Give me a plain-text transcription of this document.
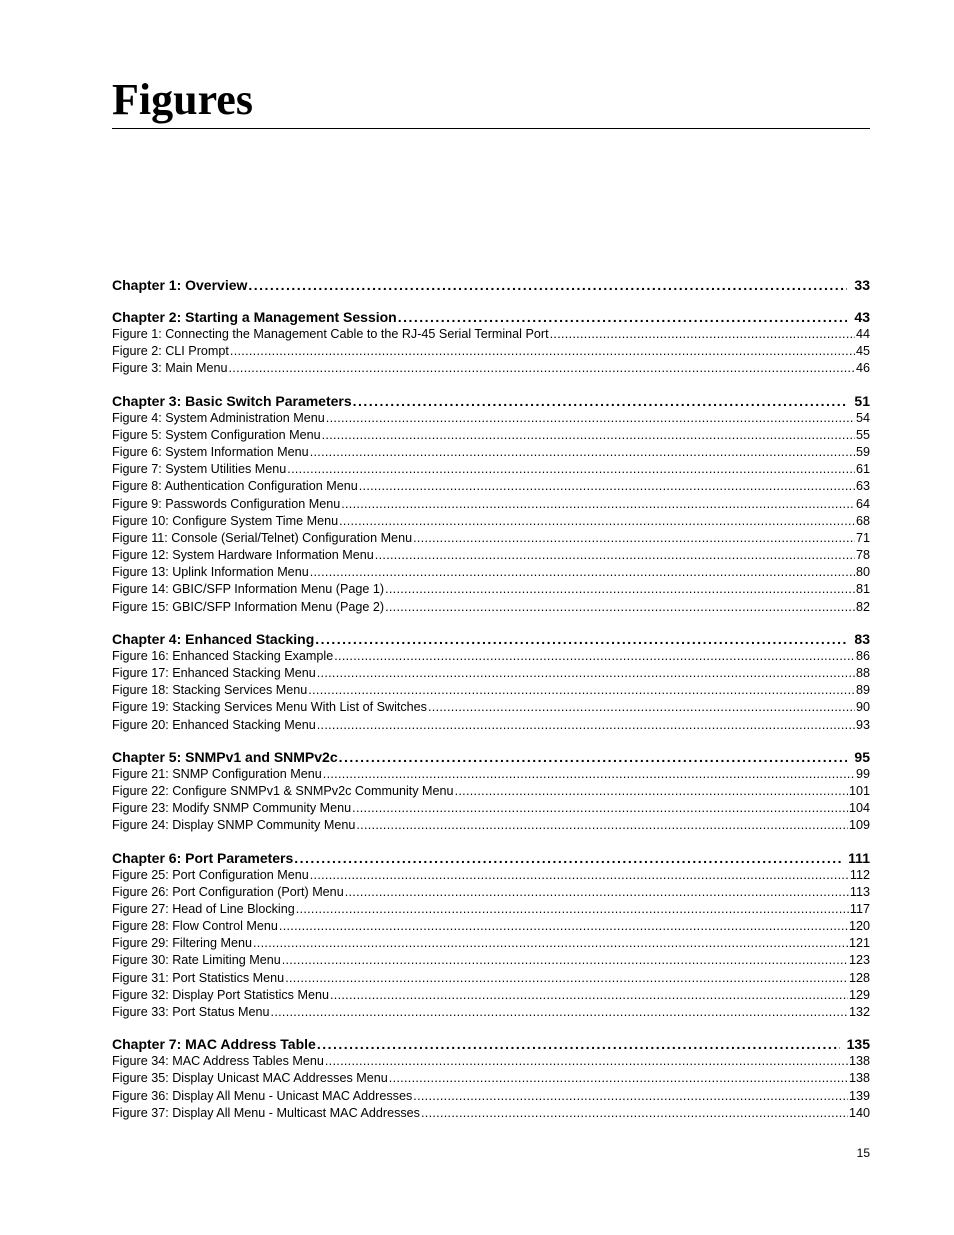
Figures
Chapter 1: Overview . . .	33
Chapter 2: Starting a Management Session . . .	43
Figure 1: Connecting the Management Cable to the RJ-45 Serial Terminal Port . . .	44
Figure 2: CLI Prompt . . .	45
Figure 3: Main Menu . . .	46
Chapter 3: Basic Switch Parameters . . .	51
Figure 4: System Administration Menu . . .	54
Figure 5: System Configuration Menu . . .	55
Figure 6: System Information Menu . . .	59
Figure 7: System Utilities Menu . . .	61
Figure 8: Authentication Configuration Menu . . .	63
Figure 9: Passwords Configuration Menu . . .	64
Figure 10: Configure System Time Menu . . .	68
Figure 11: Console (Serial/Telnet) Configuration Menu . . .	71
Figure 12: System Hardware Information Menu . . .	78
Figure 13: Uplink Information Menu . . .	80
Figure 14: GBIC/SFP Information Menu (Page 1) . . .	81
Figure 15: GBIC/SFP Information Menu (Page 2) . . .	82
Chapter 4: Enhanced Stacking . . .	83
Figure 16: Enhanced Stacking Example . . .	86
Figure 17: Enhanced Stacking Menu . . .	88
Figure 18: Stacking Services Menu . . .	89
Figure 19: Stacking Services Menu With List of Switches . . .	90
Figure 20: Enhanced Stacking Menu . . .	93
Chapter 5: SNMPv1 and SNMPv2c . . .	95
Figure 21: SNMP Configuration Menu . . .	99
Figure 22: Configure SNMPv1 & SNMPv2c Community Menu . . .	101
Figure 23: Modify SNMP Community Menu . . .	104
Figure 24: Display SNMP Community Menu . . .	109
Chapter 6: Port Parameters . . .	111
Figure 25: Port Configuration Menu . . .	112
Figure 26: Port Configuration (Port) Menu . . .	113
Figure 27: Head of Line Blocking . . .	117
Figure 28: Flow Control Menu . . .	120
Figure 29: Filtering Menu . . .	121
Figure 30: Rate Limiting Menu . . .	123
Figure 31: Port Statistics Menu . . .	128
Figure 32: Display Port Statistics Menu . . .	129
Figure 33: Port Status Menu . . .	132
Chapter 7: MAC Address Table . . .	135
Figure 34: MAC Address Tables Menu . . .	138
Figure 35: Display Unicast MAC Addresses Menu . . .	138
Figure 36: Display All Menu - Unicast MAC Addresses . . .	139
Figure 37: Display All Menu - Multicast MAC Addresses . . .	140
15
